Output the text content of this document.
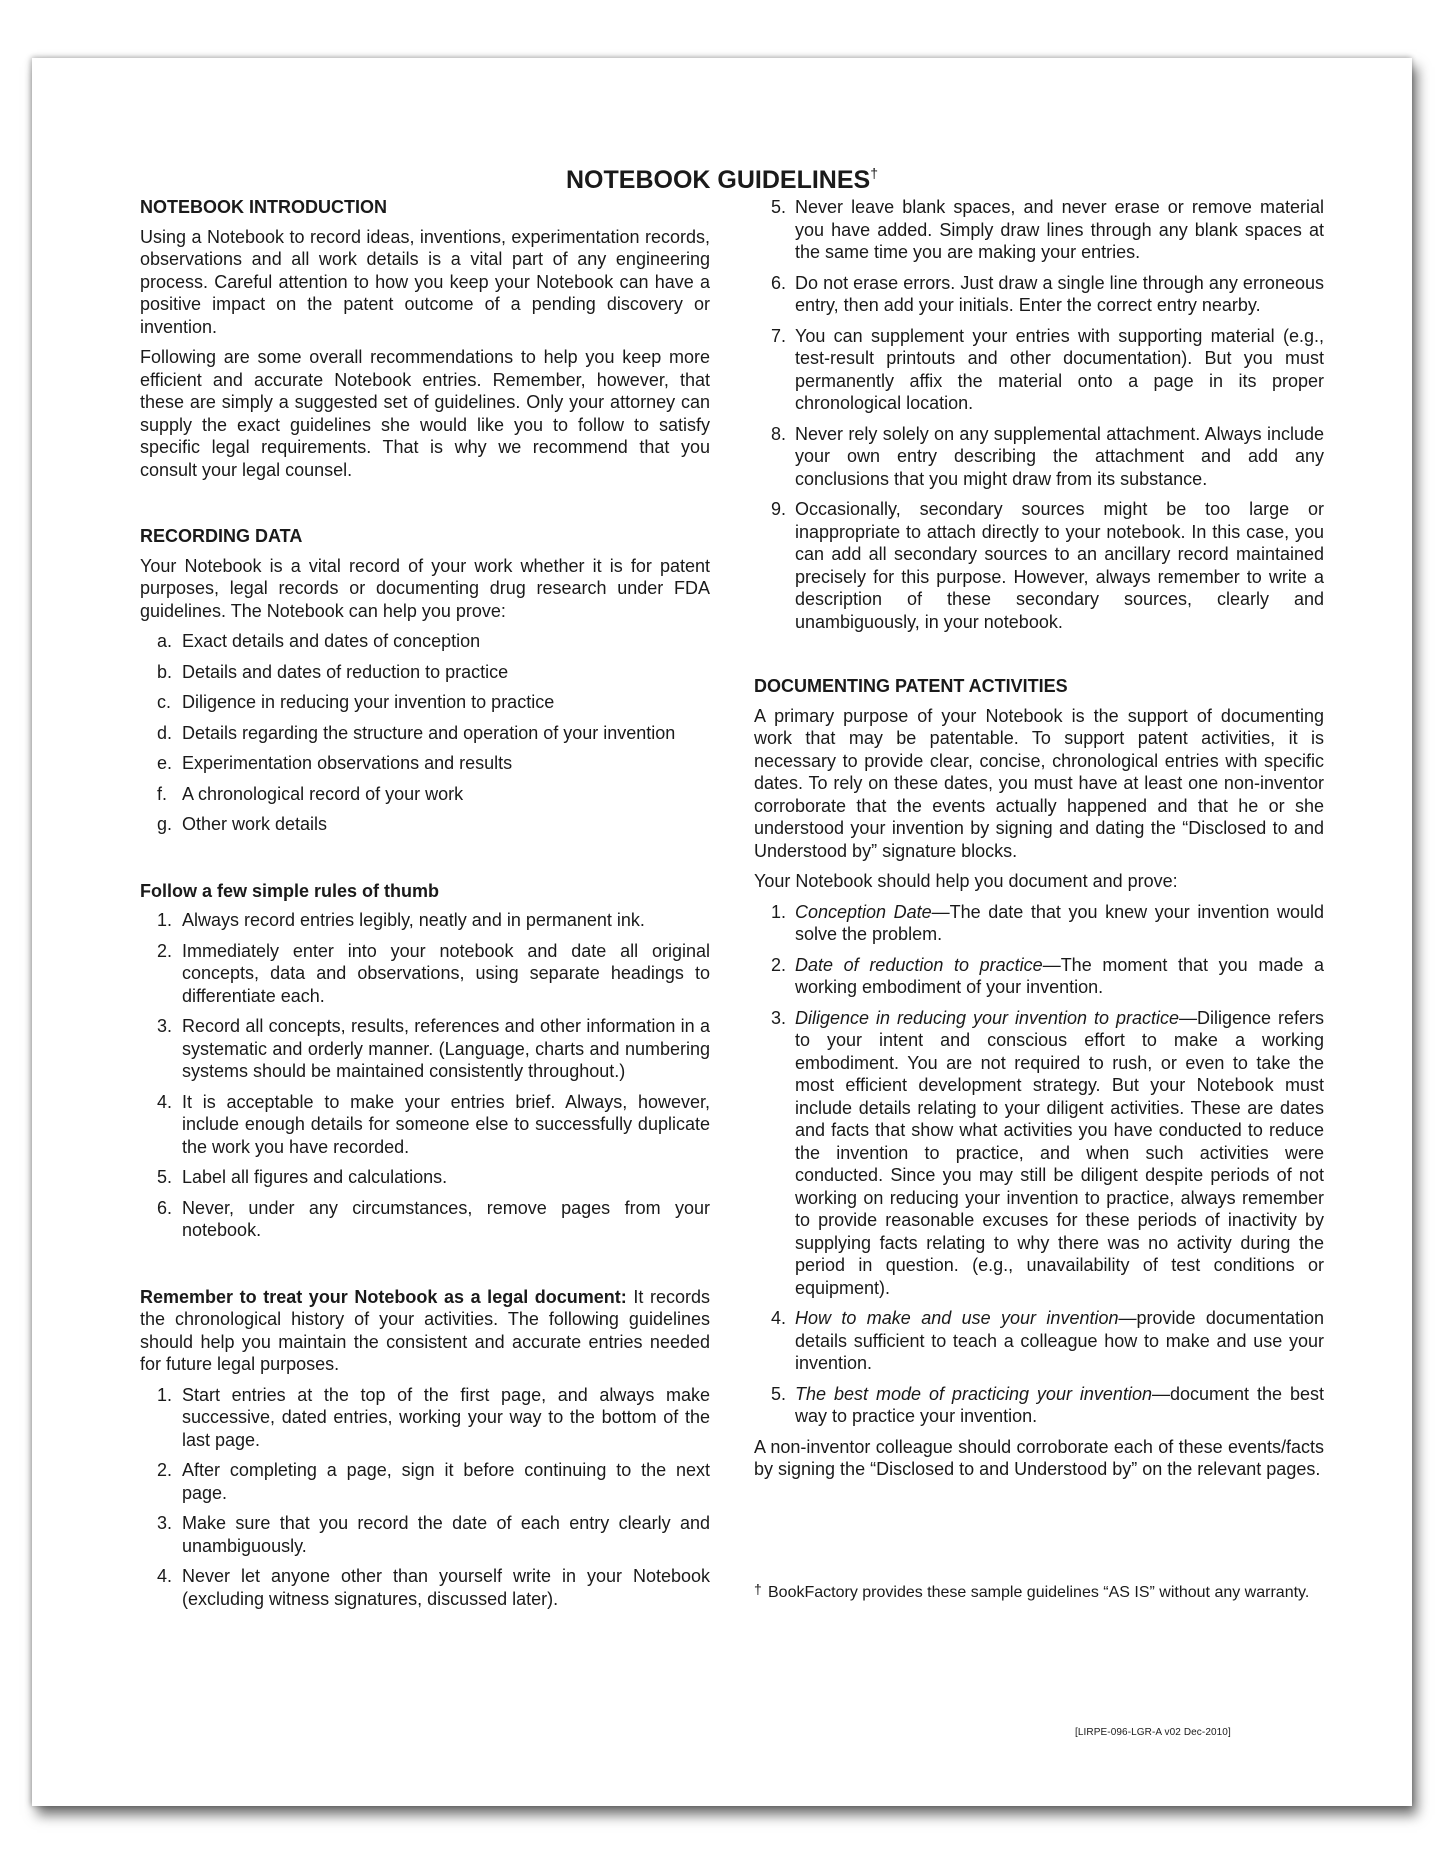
NOTEBOOK GUIDELINES†
NOTEBOOK INTRODUCTION

Using a Notebook to record ideas, inventions, experimentation records, observations and all work details is a vital part of any engineering process. Careful attention to how you keep your Notebook can have a positive impact on the patent outcome of a pending discovery or invention.

Following are some overall recommendations to help you keep more efficient and accurate Notebook entries. Remember, however, that these are simply a suggested set of guidelines. Only your attorney can supply the exact guidelines she would like you to follow to satisfy specific legal requirements. That is why we recommend that you consult your legal counsel.

RECORDING DATA

Your Notebook is a vital record of your work whether it is for patent purposes, legal records or documenting drug research under FDA guidelines. The Notebook can help you prove:

a. Exact details and dates of conception
b. Details and dates of reduction to practice
c. Diligence in reducing your invention to practice
d. Details regarding the structure and operation of your invention
e. Experimentation observations and results
f. A chronological record of your work
g. Other work details
Follow a few simple rules of thumb
1. Always record entries legibly, neatly and in permanent ink.
2. Immediately enter into your notebook and date all original concepts, data and observations, using separate headings to differentiate each.
3. Record all concepts, results, references and other information in a systematic and orderly manner. (Language, charts and numbering systems should be maintained consistently throughout.)
4. It is acceptable to make your entries brief. Always, however, include enough details for someone else to successfully duplicate the work you have recorded.
5. Label all figures and calculations.
6. Never, under any circumstances, remove pages from your notebook.

Remember to treat your Notebook as a legal document: It records the chronological history of your activities. The following guidelines should help you maintain the consistent and accurate entries needed for future legal purposes.

1. Start entries at the top of the first page, and always make successive, dated entries, working your way to the bottom of the last page.
2. After completing a page, sign it before continuing to the next page.
3. Make sure that you record the date of each entry clearly and unambiguously.
4. Never let anyone other than yourself write in your Notebook (excluding witness signatures, discussed later).
5. Never leave blank spaces, and never erase or remove material you have added. Simply draw lines through any blank spaces at the same time you are making your entries.
6. Do not erase errors. Just draw a single line through any erroneous entry, then add your initials. Enter the correct entry nearby.
7. You can supplement your entries with supporting material (e.g., test-result printouts and other documentation). But you must permanently affix the material onto a page in its proper chronological location.
8. Never rely solely on any supplemental attachment. Always include your own entry describing the attachment and add any conclusions that you might draw from its substance.
9. Occasionally, secondary sources might be too large or inappropriate to attach directly to your notebook. In this case, you can add all secondary sources to an ancillary record maintained precisely for this purpose. However, always remember to write a description of these secondary sources, clearly and unambiguously, in your notebook.
DOCUMENTING PATENT ACTIVITIES

A primary purpose of your Notebook is the support of documenting work that may be patentable. To support patent activities, it is necessary to provide clear, concise, chronological entries with specific dates. To rely on these dates, you must have at least one non-inventor corroborate that the events actually happened and that he or she understood your invention by signing and dating the “Disclosed to and Understood by” signature blocks.

Your Notebook should help you document and prove:

1. Conception Date—The date that you knew your invention would solve the problem.
2. Date of reduction to practice—The moment that you made a working embodiment of your invention.
3. Diligence in reducing your invention to practice—Diligence refers to your intent and conscious effort to make a working embodiment. You are not required to rush, or even to take the most efficient development strategy. But your Notebook must include details relating to your diligent activities. These are dates and facts that show what activities you have conducted to reduce the invention to practice, and when such activities were conducted. Since you may still be diligent despite periods of not working on reducing your invention to practice, always remember to provide reasonable excuses for these periods of inactivity by supplying facts relating to why there was no activity during the period in question. (e.g., unavailability of test conditions or equipment).
4. How to make and use your invention—provide documentation details sufficient to teach a colleague how to make and use your invention.
5. The best mode of practicing your invention—document the best way to practice your invention.

A non-inventor colleague should corroborate each of these events/facts by signing the “Disclosed to and Understood by” on the relevant pages.

† BookFactory provides these sample guidelines “AS IS” without any warranty.
[LIRPE-096-LGR-A v02 Dec-2010]
